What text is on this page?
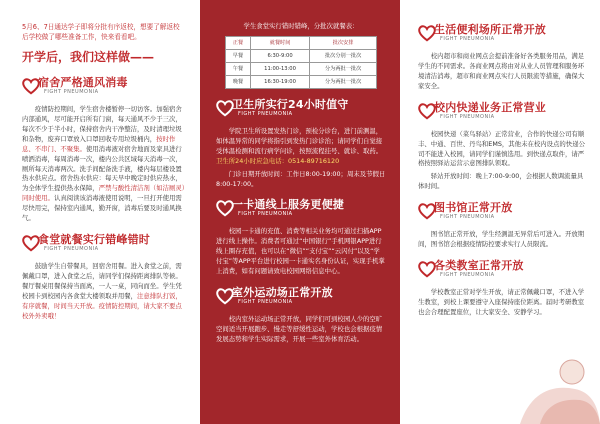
5月6、7日通达学子即将分批有序返校，想要了解返校后学校做了哪些准备工作，快来看看吧。

开学后，我们这样做——
宿舍严格通风消毒
FIGHT PNEUMONIA

疫情防控期间，学生宿舍楼暂停一切访客。加强宿舍内部通风，尽可能开启所有门窗，每天通风不少于三次，每次不少于半小时，保持宿舍内干净整洁，及时清理垃圾和杂物，废弃口罩放入口罩回收专用垃圾桶内，按时作息、不串门、不聚集。使用消毒液对宿舍地面及家具进行喷洒消毒，每周消毒一次，楼内公共区域每天消毒一次，厕所每天消毒两次。洗手间配备洗手液，楼内每层楼设置热水供应点。宿舍热水供应：每天早中晚定时供应热水，为全体学生提供热水保障，严禁与酸性清洁剂（如洁厕灵）同时使用。认真阅读该消毒液使用说明，一旦打开使用需尽快用完，保持室内通风，勤开窗，消毒后要及时通风换气。

食堂就餐实行错峰错时
FIGHT PNEUMONIA

鼓励学生自带餐具，回宿舍用餐。进入食堂之前，需佩戴口罩，进入食堂之后，请同学们保持距离排队等候。餐厅餐桌用餐保持当面离，一人一桌，同向而坐。学生凭校园卡到校园内各食堂大楼领取并用餐，注意排队打饭，有序就餐，时间当天开放。疫情防控期间，请大家不要点校外外卖哦！

学生食堂实行错时错峰，分批次就餐表：

正餐	就餐时间	批次安排
早餐	6:30-9:00	批次分别一批次
午餐	11:00-13:00	分为两批一批次
晚餐	16:30-19:00	分为两批一批次
卫生所实行24小时值守
FIGHT PNEUMONIA

学院卫生所设置发热门诊，预检分诊台，进门前测温，如体温异常的同学将指引到发热门诊诊治；请同学们自觉接受体温检测和流行病学问诊，按照流程挂号、就诊、取药。卫生所24小时应急电话：0514-89716120

门诊日期开放时间：工作日8:00-19:00；周末及节假日8:00-17:00。

一卡通线上服务更便捷
FIGHT PNEUMONIA

校园一卡通的充值、消费等相关业务均可通过扫描APP进行线上操作。消费者可通过“中国银行”手机网银APP进行线上圈存充值，也可以在“微信”“支付宝”“云闪付”以及“学付宝”等APP平台进行校园一卡通实名身份认证，实现手机掌上消费，如有问题请致电校园网络信息中心。

室外运动场正常开放
FIGHT PNEUMONIA

校内室外运动场正常开放，同学们可到校园人少的空旷空间适当开展跑步、慢走等舒缓性运动，学校也会根据疫情发展态势和学生实际需求，开展一些室外体育活动。

生活便利场所正常开放
FIGHT PNEUMONIA

校内超市和商业网点会提前准备好各类服务用品，满足学生的不同需求。各商业网点将由对从业人员管理和服务环境清洁消毒，超市和商业网点实行人员限流等措施，确保大家安全。

校内快递业务正常营业
FIGHT PNEUMONIA

校园快递（菜鸟驿站）正常营业，合作的快递公司有顺丰、中通、百世、丹鸟和EMS，其他未在校内设点的快递公司不能进入校园，请同学们谨慎选用。到快递点取件，请严格按照驿站运营示意图排队领取。

驿站开放时间：晚上7:00-9:00，会根据人数调流量具体时间。

图书馆正常开放
FIGHT PNEUMONIA

图书馆正常开放，学生经测温无异常后可进入。开放期间，图书馆会根据疫情防控要求实行人员限流。

各类教室正常开放
FIGHT PNEUMONIA

学校教室正常对学生开放，请正常佩戴口罩，不进入学生教室，到校上课要遵守入座保持座位距离。届时考研教室也会合理配置座位，让大家安全、安静学习。
